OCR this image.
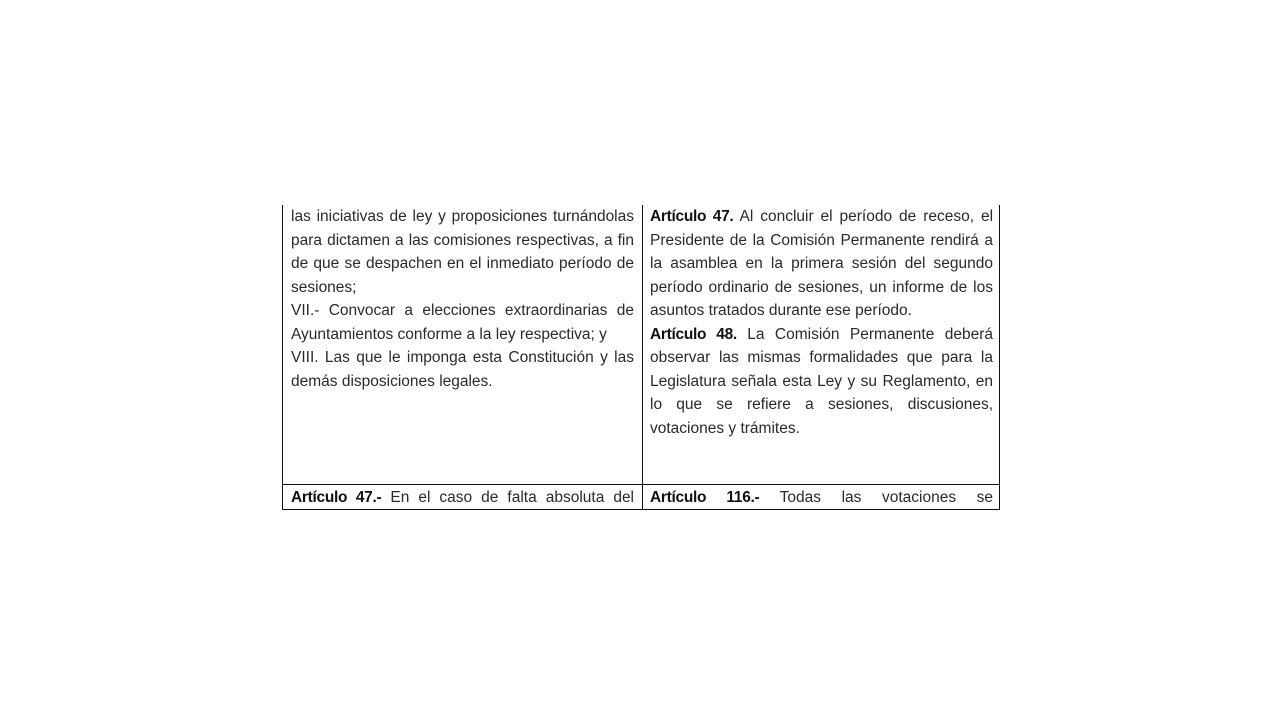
las iniciativas de ley y proposiciones turnándolas para dictamen a las comisiones respectivas, a fin de que se despachen en el inmediato período de sesiones;

VII.- Convocar a elecciones extraordinarias de Ayuntamientos conforme a la ley respectiva; y

VIII. Las que le imponga esta Constitución y las demás disposiciones legales.

Artículo 47. Al concluir el período de receso, el Presidente de la Comisión Permanente rendirá a la asamblea en la primera sesión del segundo período ordinario de sesiones, un informe de los asuntos tratados durante ese período.

Artículo 48. La Comisión Permanente deberá observar las mismas formalidades que para la Legislatura señala esta Ley y su Reglamento, en lo que se refiere a sesiones, discusiones, votaciones y trámites.

Artículo 47.- En el caso de falta absoluta del Artículo 116.- Todas las votaciones se
